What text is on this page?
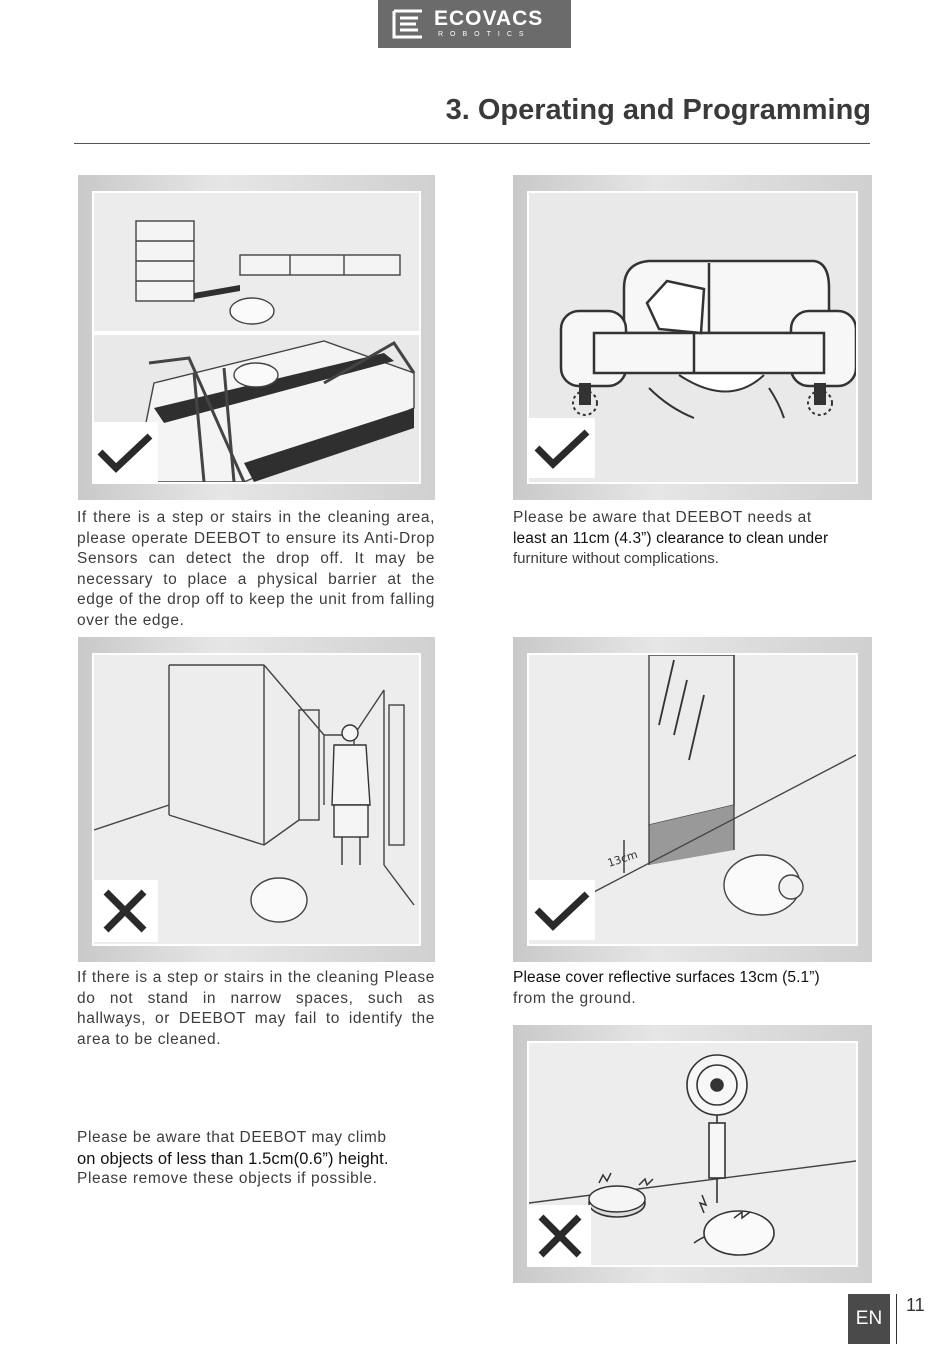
ECOVACS
ROBOTICS
3. Operating and Programming

If there is a step or stairs in the cleaning area, please operate DEEBOT to ensure its Anti-Drop Sensors can detect the drop off. It may be necessary to place a physical barrier at the edge of the drop off to keep the unit from falling over the edge.

Please be aware that DEEBOT needs at
least an 11cm (4.3”) clearance to clean under
furniture without complications.
13cm

If there is a step or stairs in the cleaning Please do not stand in narrow spaces, such as hallways, or DEEBOT may fail to identify the area to be cleaned.

Please cover reflective surfaces 13cm (5.1”)
from the ground.
Please be aware that DEEBOT may climb
on objects of less than 1.5cm(0.6”) height.
Please remove these objects if possible.
EN
11
